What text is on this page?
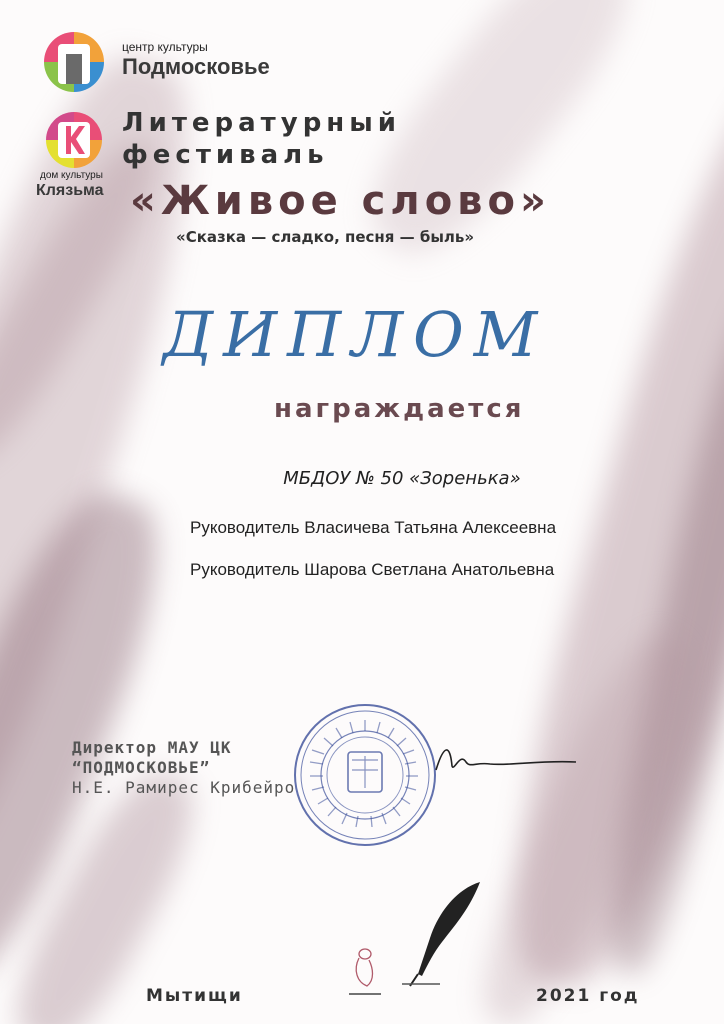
центр культуры
Подмосковье
дом культуры
Клязьма
Литературный
фестиваль
«Живое слово»
«Сказка — сладко, песня — быль»
ДИПЛОМ
награждается
МБДОУ № 50 «Зоренька»
Руководитель Власичева Татьяна Алексеевна
Руководитель Шарова Светлана Анатольевна
Директор МАУ ЦК
“ПОДМОСКОВЬЕ”
Н.Е. Рамирес Крибейро
Мытищи	2021 год
